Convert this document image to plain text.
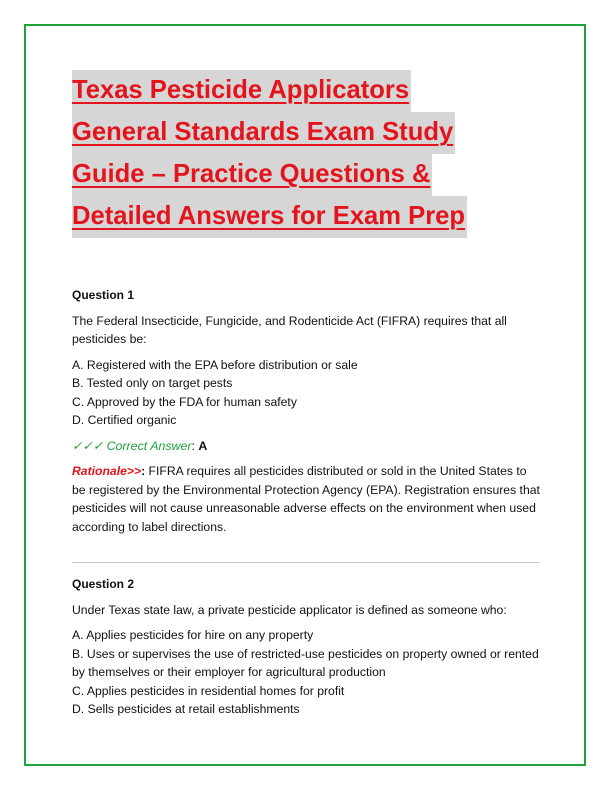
Texas Pesticide Applicators
General Standards Exam Study
Guide – Practice Questions &
Detailed Answers for Exam Prep

Question 1

The Federal Insecticide, Fungicide, and Rodenticide Act (FIFRA) requires that all pesticides be:

A. Registered with the EPA before distribution or sale
B. Tested only on target pests
C. Approved by the FDA for human safety
D. Certified organic

✓✓✓ Correct Answer: A

Rationale>>: FIFRA requires all pesticides distributed or sold in the United States to be registered by the Environmental Protection Agency (EPA). Registration ensures that pesticides will not cause unreasonable adverse effects on the environment when used according to label directions.

Question 2

Under Texas state law, a private pesticide applicator is defined as someone who:

A. Applies pesticides for hire on any property
B. Uses or supervises the use of restricted-use pesticides on property owned or rented by themselves or their employer for agricultural production
C. Applies pesticides in residential homes for profit
D. Sells pesticides at retail establishments
